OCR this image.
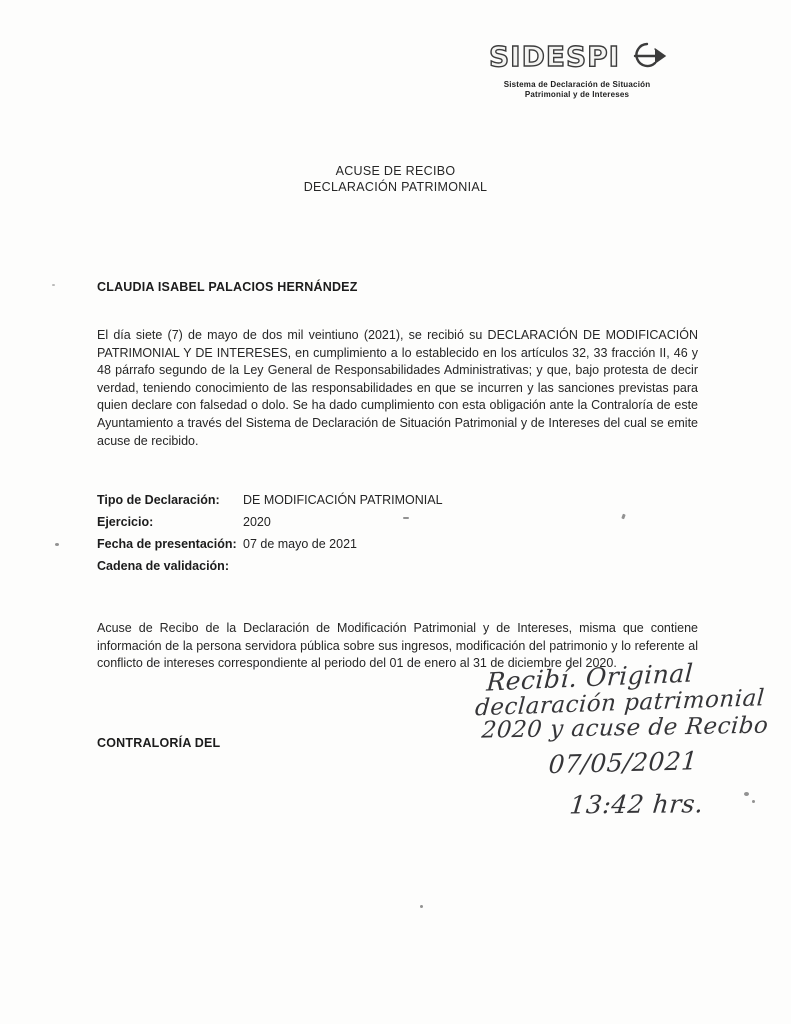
SIDESPI
Sistema de Declaración de Situación
Patrimonial y de Intereses
ACUSE DE RECIBO
DECLARACIÓN PATRIMONIAL
CLAUDIA ISABEL PALACIOS HERNÁNDEZ
El día siete (7) de mayo de dos mil veintiuno (2021), se recibió su DECLARACIÓN DE MODIFICACIÓN PATRIMONIAL Y DE INTERESES, en cumplimiento a lo establecido en los artículos 32, 33 fracción II, 46 y 48 párrafo segundo de la Ley General de Responsabilidades Administrativas; y que, bajo protesta de decir verdad, teniendo conocimiento de las responsabilidades en que se incurren y las sanciones previstas para quien declare con falsedad o dolo. Se ha dado cumplimiento con esta obligación ante la Contraloría de este Ayuntamiento a través del Sistema de Declaración de Situación Patrimonial y de Intereses del cual se emite acuse de recibido.
Tipo de Declaración:	DE MODIFICACIÓN PATRIMONIAL
Ejercicio:	2020
Fecha de presentación: 07 de mayo de 2021
Cadena de validación:
Acuse de Recibo de la Declaración de Modificación Patrimonial y de Intereses, misma que contiene información de la persona servidora pública sobre sus ingresos, modificación del patrimonio y lo referente al conflicto de intereses correspondiente al periodo del 01 de enero al 31 de diciembre del 2020.
CONTRALORÍA DEL
Recibí. Original
declaración patrimonial
2020 y acuse de Recibo
07/05/2021
13:42 hrs.
